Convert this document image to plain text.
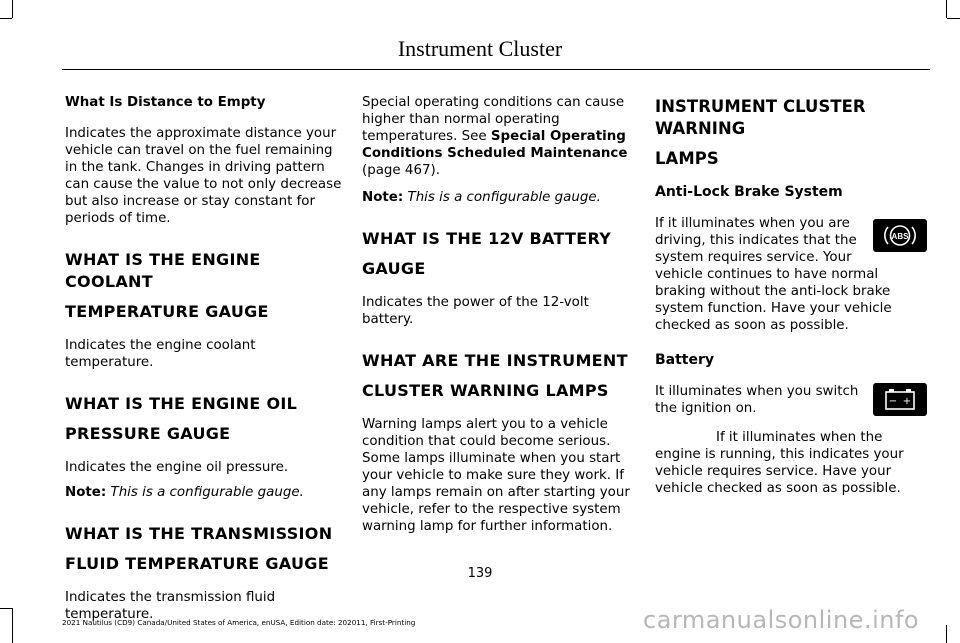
Instrument Cluster
What Is Distance to Empty

Indicates the approximate distance your vehicle can travel on the fuel remaining in the tank. Changes in driving pattern can cause the value to not only decrease but also increase or stay constant for periods of time.

WHAT IS THE ENGINE COOLANT
TEMPERATURE GAUGE

Indicates the engine coolant temperature.

WHAT IS THE ENGINE OIL
PRESSURE GAUGE

Indicates the engine oil pressure.

Note: This is a configurable gauge.

WHAT IS THE TRANSMISSION
FLUID TEMPERATURE GAUGE

Indicates the transmission fluid temperature.

Special operating conditions can cause higher than normal operating temperatures. See Special Operating Conditions Scheduled Maintenance (page 467).

Note: This is a configurable gauge.

WHAT IS THE 12V BATTERY
GAUGE

Indicates the power of the 12-volt battery.

WHAT ARE THE INSTRUMENT
CLUSTER WARNING LAMPS

Warning lamps alert you to a vehicle condition that could become serious. Some lamps illuminate when you start your vehicle to make sure they work. If any lamps remain on after starting your vehicle, refer to the respective system warning lamp for further information.

INSTRUMENT CLUSTER WARNING
LAMPS
Anti-Lock Brake System
ABS

If it illuminates when you are driving, this indicates that the system requires service. Your vehicle continues to have normal braking without the anti-lock brake system function. Have your vehicle checked as soon as possible.

Battery
− +

It illuminates when you switch the ignition on.

If it illuminates when the engine is running, this indicates your vehicle requires service. Have your vehicle checked as soon as possible.

139
2021 Nautilus (CD9) Canada/United States of America, enUSA, Edition date: 202011, First-Printing	carmanualsonline.info
